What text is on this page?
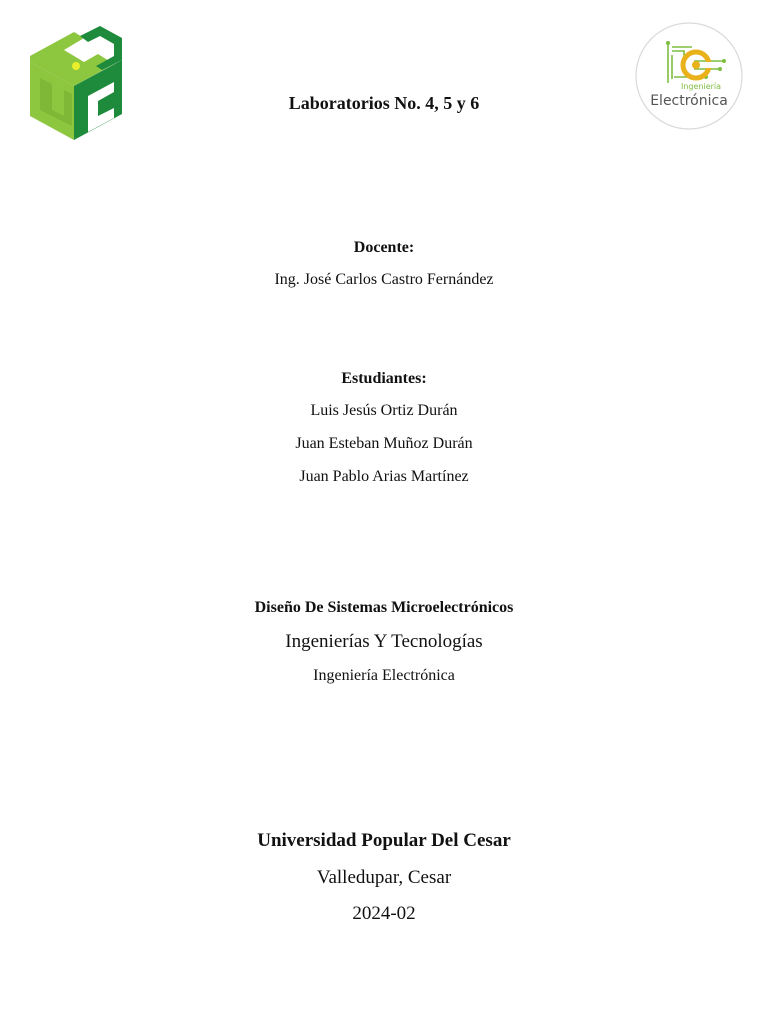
Ingeniería
Electrónica
Laboratorios No. 4, 5 y 6
Docente:
Ing. José Carlos Castro Fernández
Estudiantes:
Luis Jesús Ortiz Durán
Juan Esteban Muñoz Durán
Juan Pablo Arias Martínez
Diseño De Sistemas Microelectrónicos
Ingenierías Y Tecnologías
Ingeniería Electrónica
Universidad Popular Del Cesar
Valledupar, Cesar
2024-02
